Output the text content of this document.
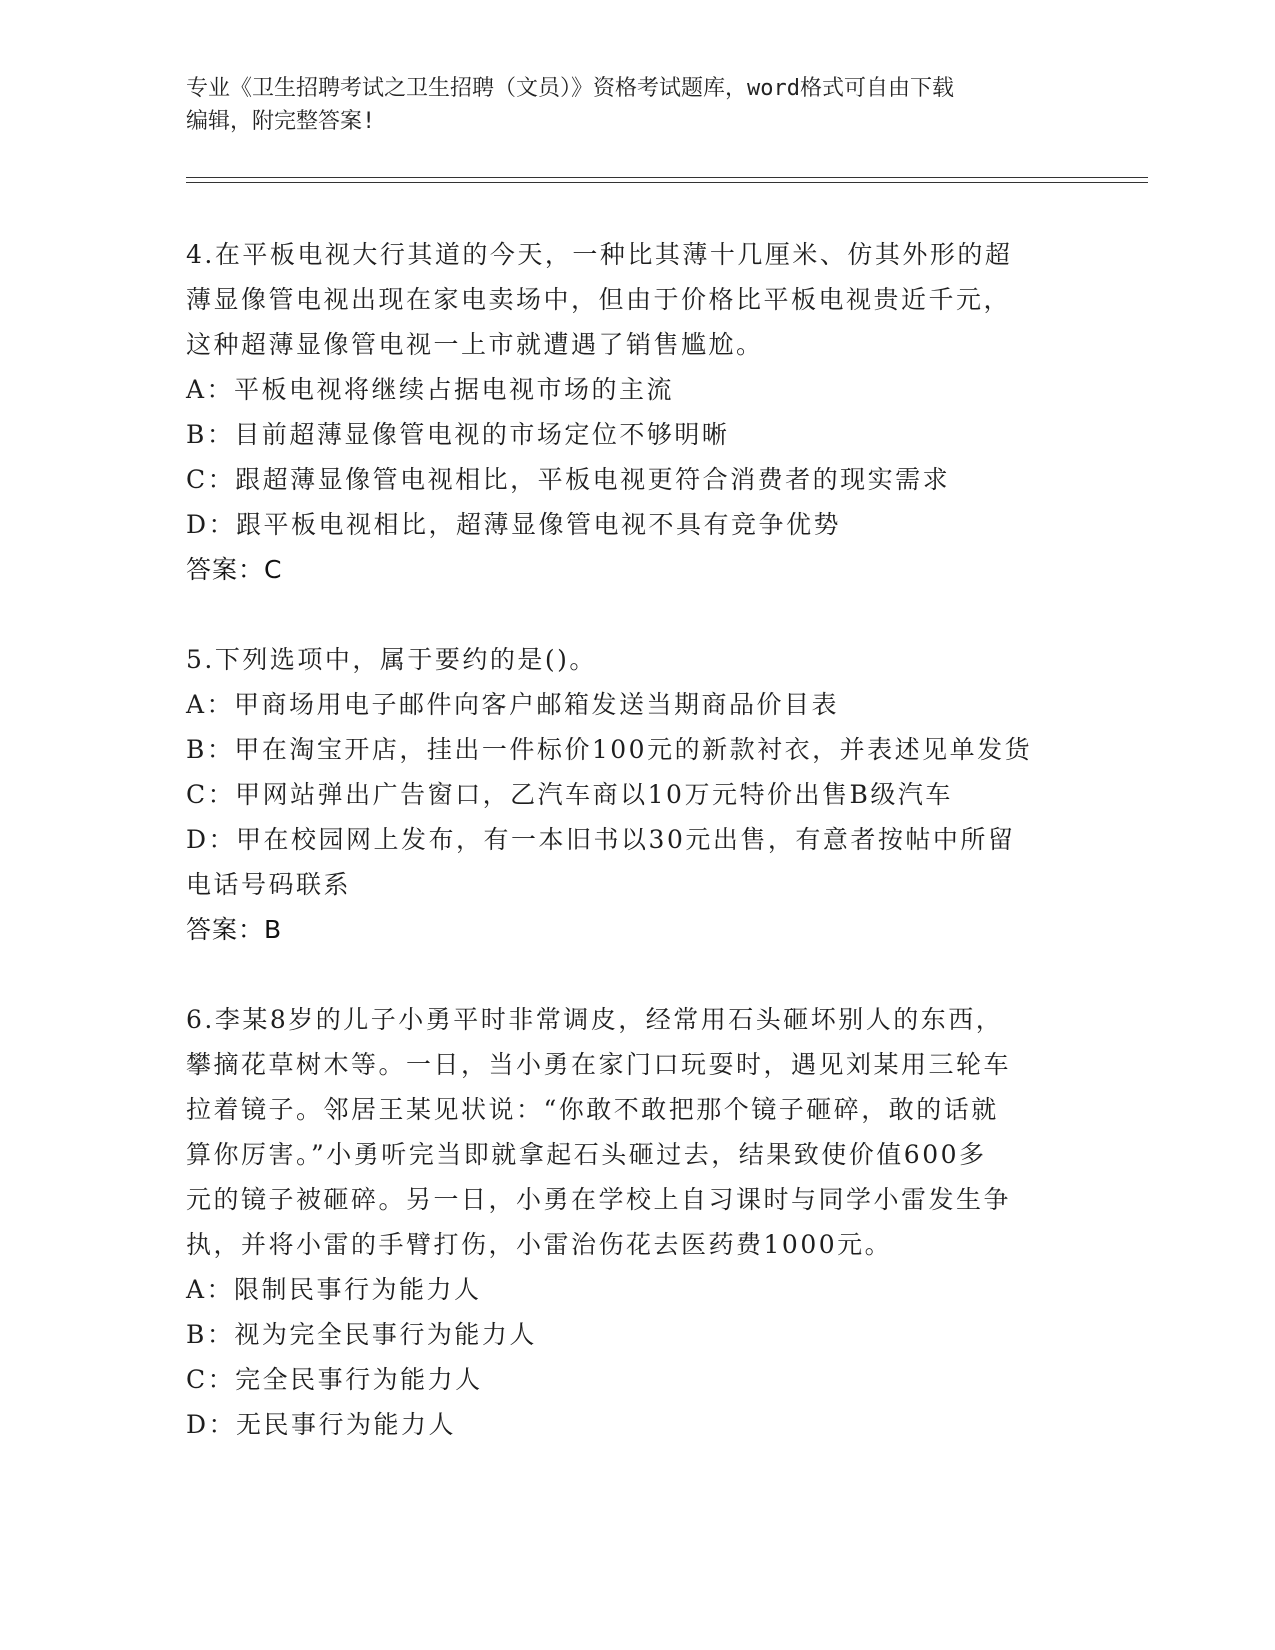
专业《卫生招聘考试之卫生招聘（文员）》资格考试题库，word格式可自由下载
编辑，附完整答案!
4.在平板电视大行其道的今天，一种比其薄十几厘米、仿其外形的超
薄显像管电视出现在家电卖场中，但由于价格比平板电视贵近千元，
这种超薄显像管电视一上市就遭遇了销售尴尬。
A：平板电视将继续占据电视市场的主流
B：目前超薄显像管电视的市场定位不够明晰
C：跟超薄显像管电视相比，平板电视更符合消费者的现实需求
D：跟平板电视相比，超薄显像管电视不具有竞争优势
答案：C
5.下列选项中，属于要约的是()。
A：甲商场用电子邮件向客户邮箱发送当期商品价目表
B：甲在淘宝开店，挂出一件标价100元的新款衬衣，并表述见单发货
C：甲网站弹出广告窗口，乙汽车商以10万元特价出售B级汽车
D：甲在校园网上发布，有一本旧书以30元出售，有意者按帖中所留
电话号码联系
答案：B
6.李某8岁的儿子小勇平时非常调皮，经常用石头砸坏别人的东西，
攀摘花草树木等。一日，当小勇在家门口玩耍时，遇见刘某用三轮车
拉着镜子。邻居王某见状说：“你敢不敢把那个镜子砸碎，敢的话就
算你厉害。”小勇听完当即就拿起石头砸过去，结果致使价值600多
元的镜子被砸碎。另一日，小勇在学校上自习课时与同学小雷发生争
执，并将小雷的手臂打伤，小雷治伤花去医药费1000元。
A：限制民事行为能力人
B：视为完全民事行为能力人
C：完全民事行为能力人
D：无民事行为能力人
